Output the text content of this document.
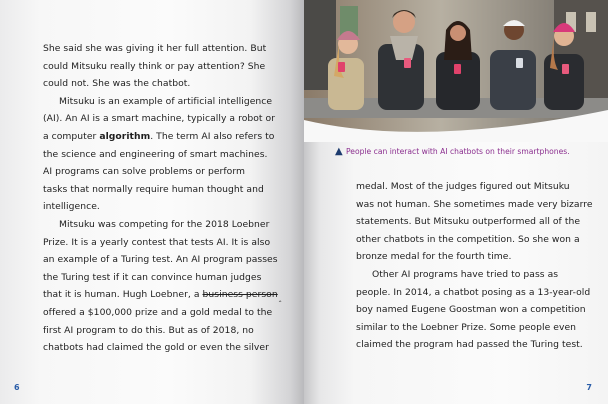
She said she was giving it her full attention. But

could Mitsuku really think or pay attention? She

could not. She was the chatbot.

Mitsuku is an example of artificial intelligence

(AI). An AI is a smart machine, typically a robot or

a computer algorithm. The term AI also refers to

the science and engineering of smart machines.

AI programs can solve problems or perform

tasks that normally require human thought and

intelligence.

Mitsuku was competing for the 2018 Loebner

Prize. It is a yearly contest that tests AI. It is also

an example of a Turing test. An AI program passes

the Turing test if it can convince human judges

that it is human. Hugh Loebner, a business person‸

offered a $100,000 prize and a gold medal to the

first AI program to do this. But as of 2018, no

chatbots had claimed the gold or even the silver

6
▲ People can interact with AI chatbots on their smartphones.

medal. Most of the judges figured out Mitsuku

was not human. She sometimes made very bizarre

statements. But Mitsuku outperformed all of the

other chatbots in the competition. So she won a

bronze medal for the fourth time.

Other AI programs have tried to pass as

people. In 2014, a chatbot posing as a 13-year-old

boy named Eugene Goostman won a competition

similar to the Loebner Prize. Some people even

claimed the program had passed the Turing test.

7
